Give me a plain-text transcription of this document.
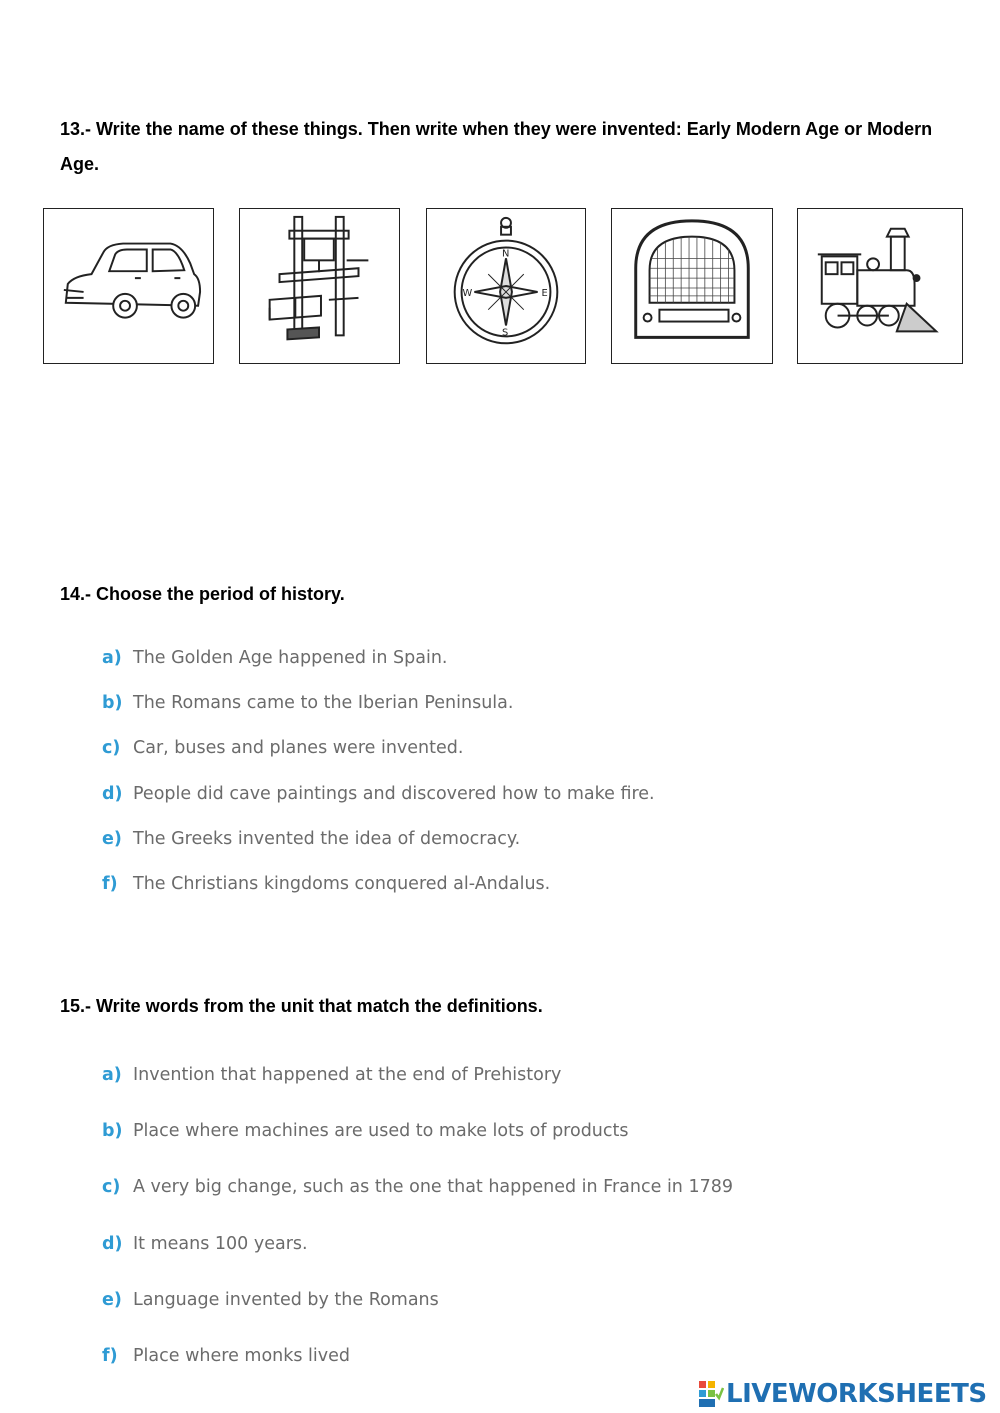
13.- Write the name of these things. Then write when they were invented: Early Modern Age or Modern Age.

N
S
W	E

14.- Choose the period of history.

a) The Golden Age happened in Spain.
b) The Romans came to the Iberian Peninsula.
c) Car, buses and planes were invented.
d) People did cave paintings and discovered how to make fire.
e) The Greeks invented the idea of democracy.
f) The Christians kingdoms conquered al-Andalus.

15.- Write words from the unit that match the definitions.

a) Invention that happened at the end of Prehistory
b) Place where machines are used to make lots of products
c) A very big change, such as the one that happened in France in 1789
d) It means 100 years.
e) Language invented by the Romans
f) Place where monks lived
LIVEWORKSHEETS
